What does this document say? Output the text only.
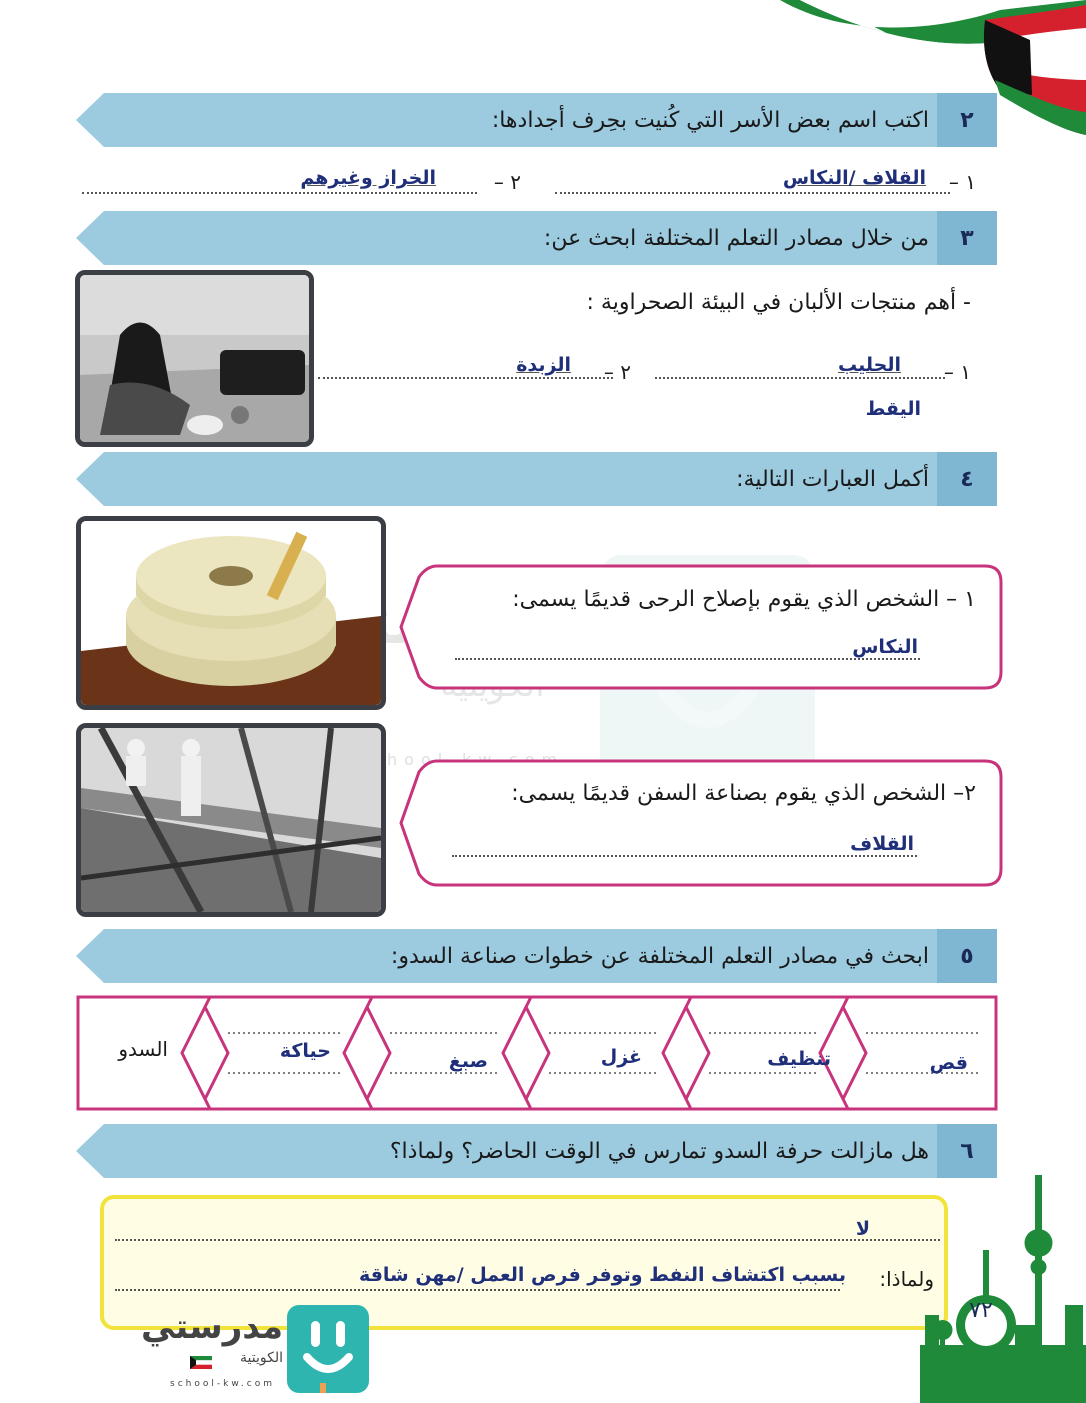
٢
اكتب اسم بعض الأسر التي كُنيت بحِرف أجدادها:
١ –
القلاف /النكاس
٢ –
الخراز وغيرهم
٣
من خلال مصادر التعلم المختلفة ابحث عن:
- أهم منتجات الألبان في البيئة الصحراوية :
١ –
الحليب
اليقط
٢ –
الزبدة
٤
أكمل العبارات التالية:
١ – الشخص الذي يقوم بإصلاح الرحى قديمًا يسمى:
النكاس
٢– الشخص الذي يقوم بصناعة السفن قديمًا يسمى:
القلاف
٥
ابحث في مصادر التعلم المختلفة عن خطوات صناعة السدو:
قص
تنظيف
غزل
صبغ
حياكة
السدو
٦
هل مازالت حرفة السدو تمارس في الوقت الحاضر؟ ولماذا؟
لا
ولماذا:
بسبب اكتشاف النفط وتوفر فرص العمل /مهن شاقة
٧٢
مدرستي
الكويتية
school-kw.com
